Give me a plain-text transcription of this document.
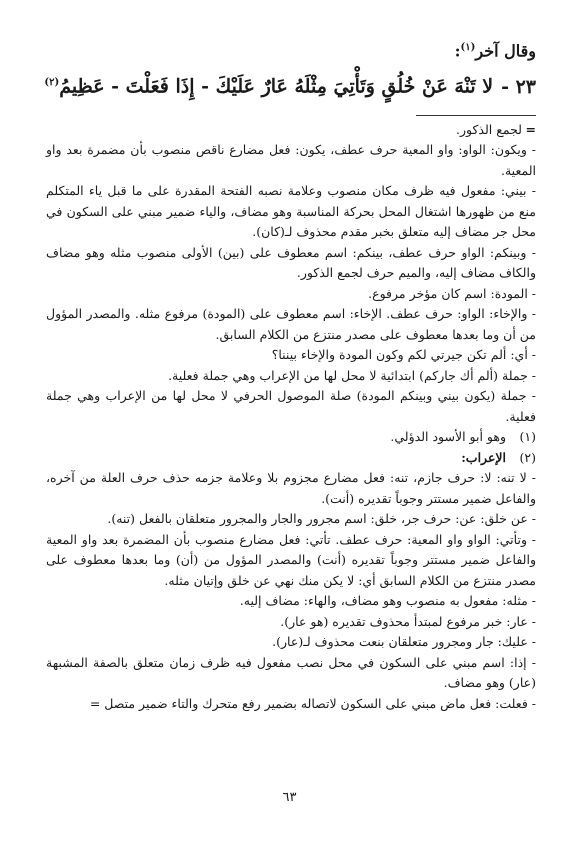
وقال آخر$^{(١)}$:
٢٣ -لا تَنْهَ عَنْ خُلُقٍ وَتَأْتِيَ مِثْلَهُ عَارٌ عَلَيْكَ - إِذَا فَعَلْتَ - عَظِيمُ$^{(٢)}$

=لجمع الذكور.

- ويكون: الواو: واو المعية حرف عطف، يكون: فعل مضارع ناقص منصوب بأن مضمرة بعد واو المعية.

- بيني: مفعول فيه ظرف مكان منصوب وعلامة نصبه الفتحة المقدرة على ما قبل ياء المتكلم منع من ظهورها اشتغال المحل بحركة المناسبة وهو مضاف، والياء ضمير مبني على السكون في محل جر مضاف إليه متعلق بخبر مقدم محذوف لـ(كان).

- وبينكم: الواو حرف عطف، بينكم: اسم معطوف على (بين) الأولى منصوب مثله وهو مضاف والكاف مضاف إليه، والميم حرف لجمع الذكور.

- المودة: اسم كان مؤخر مرفوع.

- والإخاء: الواو: حرف عطف. الإخاء: اسم معطوف على (المودة) مرفوع مثله. والمصدر المؤول من أن وما بعدها معطوف على مصدر منتزع من الكلام السابق.

- أي: ألم تكن جيرتي لكم وكون المودة والإخاء بيننا؟

- جملة (ألم أك جاركم) ابتدائية لا محل لها من الإعراب وهي جملة فعلية.

- جملة (يكون بيني وبينكم المودة) صلة الموصول الحرفي لا محل لها من الإعراب وهي جملة فعلية.

(١)وهو أبو الأسود الدؤلي.

(٢)الإعراب:

- لا تنه: لا: حرف جازم، تنه: فعل مضارع مجزوم بلا وعلامة جزمه حذف حرف العلة من آخره، والفاعل ضمير مستتر وجوباً تقديره (أنت).

- عن خلق: عن: حرف جر، خلق: اسم مجرور والجار والمجرور متعلقان بالفعل (تنه).

- وتأتي: الواو واو المعية: حرف عطف. تأتي: فعل مضارع منصوب بأن المضمرة بعد واو المعية والفاعل ضمير مستتر وجوباً تقديره (أنت) والمصدر المؤول من (أن) وما بعدها معطوف على مصدر منتزع من الكلام السابق أي: لا يكن منك نهي عن خلق وإتيان مثله.

- مثله: مفعول به منصوب وهو مضاف، والهاء: مضاف إليه.

- عار: خبر مرفوع لمبتدأ محذوف تقديره (هو عار).

- عليك: جار ومجرور متعلقان بنعت محذوف لـ(عار).

- إذا: اسم مبني على السكون في محل نصب مفعول فيه ظرف زمان متعلق بالصفة المشبهة (عار) وهو مضاف.

- فعلت: فعل ماض مبني على السكون لاتصاله بضمير رفع متحرك والتاء ضمير متصل =

٦٣
